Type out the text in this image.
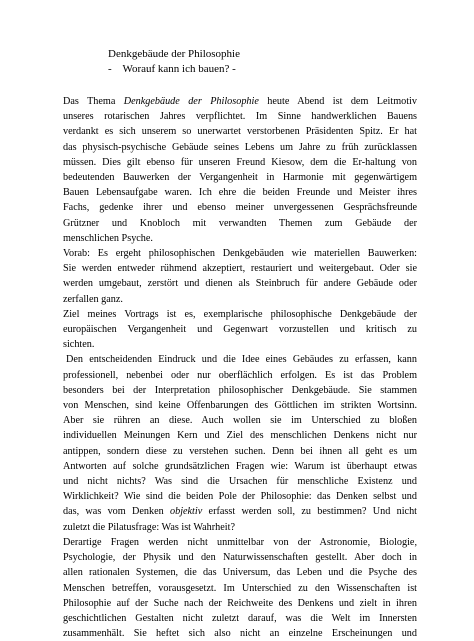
Denkgebäude der Philosophie
-    Worauf kann ich bauen? -

Das Thema Denkgebäude der Philosophie heute Abend ist dem Leitmotiv
unseres rotarischen Jahres verpflichtet. Im Sinne handwerklichen Bauens
verdankt es sich unserem so unerwartet verstorbenen Präsidenten Spitz. Er hat
das physisch-psychische Gebäude seines Lebens um Jahre zu früh zurücklassen
müssen. Dies gilt ebenso für unseren Freund Kiesow, dem die Er-haltung von
bedeutenden Bauwerken der Vergangenheit in Harmonie mit gegenwärtigem
Bauen Lebensaufgabe waren. Ich ehre die beiden Freunde und Meister ihres
Fachs, gedenke ihrer und ebenso meiner unvergessenen Gesprächsfreunde
Grützner und Knobloch mit verwandten Themen zum Gebäude der
menschlichen Psyche.

Vorab: Es ergeht philosophischen Denkgebäuden wie materiellen Bauwerken:
Sie werden entweder rühmend akzeptiert, restauriert und weitergebaut. Oder sie
werden umgebaut, zerstört und dienen als Steinbruch für andere Gebäude oder
zerfallen ganz.

Ziel meines Vortrags ist es, exemplarische philosophische Denkgebäude der
europäischen Vergangenheit und Gegenwart vorzustellen und kritisch zu
sichten.

Den entscheidenden Eindruck und die Idee eines Gebäudes zu erfassen, kann
professionell, nebenbei oder nur oberflächlich erfolgen. Es ist das Problem
besonders bei der Interpretation philosophischer Denkgebäude. Sie stammen
von Menschen, sind keine Offenbarungen des Göttlichen im strikten Wortsinn.
Aber sie rühren an diese. Auch wollen sie im Unterschied zu bloßen
individuellen Meinungen Kern und Ziel des menschlichen Denkens nicht nur
antippen, sondern diese zu verstehen suchen. Denn bei ihnen all geht es um
Antworten auf solche grundsätzlichen Fragen wie: Warum ist überhaupt etwas
und nicht nichts? Was sind die Ursachen für menschliche Existenz und
Wirklichkeit? Wie sind die beiden Pole der Philosophie: das Denken selbst und
das, was vom Denken objektiv erfasst werden soll, zu bestimmen? Und nicht
zuletzt die Pilatusfrage: Was ist Wahrheit?

Derartige Fragen werden nicht unmittelbar von der Astronomie, Biologie,
Psychologie, der Physik und den Naturwissenschaften gestellt. Aber doch in
allen rationalen Systemen, die das Universum, das Leben und die Psyche des
Menschen betreffen, vorausgesetzt. Im Unterschied zu den Wissenschaften ist
Philosophie auf der Suche nach der Reichweite des Denkens und zielt in ihren
geschichtlichen Gestalten nicht zuletzt darauf, was die Welt im Innersten
zusammenhält. Sie heftet sich also nicht an einzelne Erscheinungen und
